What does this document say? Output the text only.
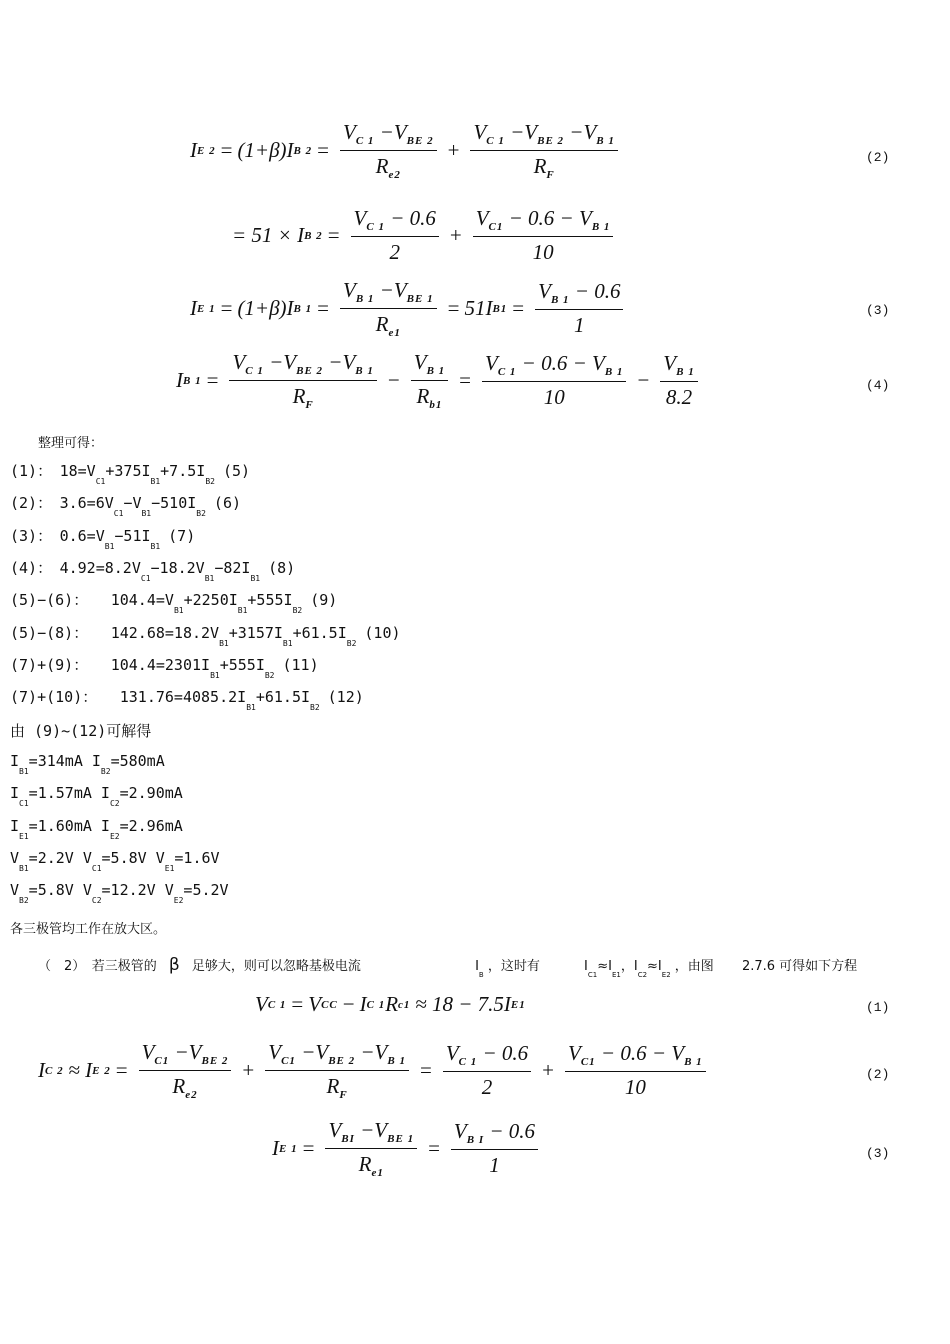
I E 2 = (1+β)I B $2 = \frac{V_{C 1} -V_{BE 2}}{R_{e2}} + \frac{V_{C 1} -V_{BE 2} -V_{B 1}}{R_F}$	(2)
= 51 × I B $2 = \frac{V_{C 1} - 0.6}{2} + \frac{V_{C1} - 0.6 - V_{B 1}}{10}$
I E 1 = (1+β)I B $1 = \frac{V_{B 1} -V_{BE 1}}{R_{e1}} = 51I$ $B1 = \frac{V_{B 1} - 0.6}{1}$	(3)
I B $1 = \frac{V_{C 1} -V_{BE 2} -V_{B 1}}{R_F} - \frac{V_{B 1}}{R_{b1}} = \frac{V_{C 1} - 0.6 - V_{B 1}}{10} - \frac{V_{B 1}}{8.2}$	(4)
整理可得：
(1)：　$18=V_{C1}+375I_{B1}+7.5I_{B2}(5)$
(2)：　$3.6=6V_{C1}-V_{B1}-510I_{B2}(6)$
(3)：　$0.6=V_{B1}-51I_{B1}(7)$
(4)：　$4.92=8.2V_{C1}-18.2V_{B1}-82I_{B1}(8)$
(5)−(6)：　　$104.4=V_{B1}+2250I_{B1}+555I_{B2}(9)$
(5)−(8)：　　$142.68=18.2V_{B1}+3157I_{B1}+61.5I_{B2}(10)$
(7)+(9)：　　$104.4=2301I_{B1}+555I_{B2}(11)$
(7)+(10)：　　$131.76=4085.2I_{B1}+61.5I_{B2}(12)$
由 (9)~(12)可解得
$I_{B1}=314mA$ $I_{B2}=580mA$
$I_{C1}=1.57mA$ $I_{C2}=2.90mA$
$I_{E1}=1.60mA$ $I_{E2}=2.96mA$
$V_{B1}=2.2V$ $V_{C1}=5.8V$ $V_{E1}=1.6V$
$V_{B2}=5.8V$ $V_{C2}=12.2V$ $V_{E2}=5.2V$
各三极管均工作在放大区。
（　2）　若三极管的 β 足够大，则可以忽略基极电流	$I_B$ ，这时有	$I_{C1}\approx I_{E1}$，$I_{C2}\approx I_{E2}$ ，由图 2.7.6 可得如下方程
V C 1 = V CC − I C 1 R c1 ≈ 18 − 7.5I E1	(1)
I C 2 ≈ I E $2 = \frac{V_{C1} -V_{BE 2}}{R_{e2}} + \frac{V_{C1} -V_{BE 2} -V_{B 1}}{R_F} = \frac{V_{C 1} - 0.6}{2} + \frac{V_{C1} - 0.6 - V_{B 1}}{10}$	(2)
I E $1 = \frac{V_{BI} -V_{BE 1}}{R_{e1}} = \frac{V_{B I} - 0.6}{1}$	(3)
